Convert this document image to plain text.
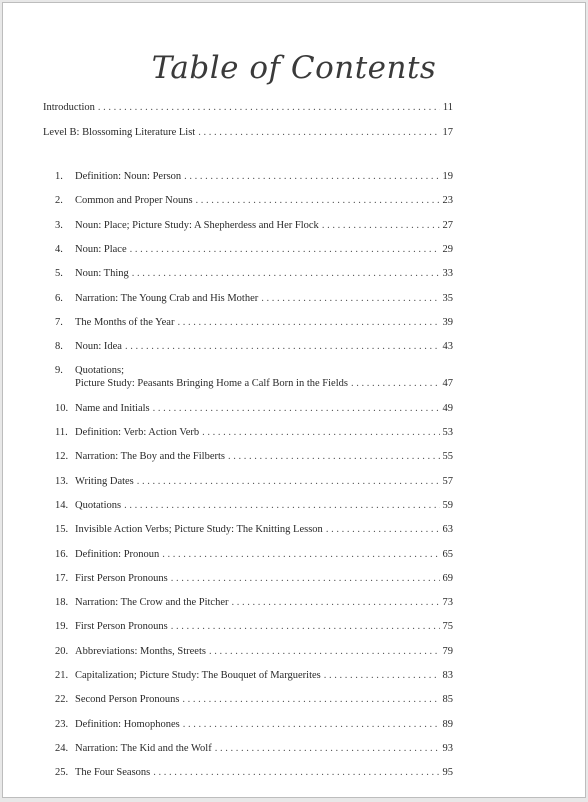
Table of Contents
Introduction . . .	11
Level B: Blossoming Literature List . . .	17
1.	Definition: Noun: Person . . .	19
2.	Common and Proper Nouns . . .	23
3.	Noun: Place; Picture Study: A Shepherdess and Her Flock . . .	27
4.	Noun: Place . . .	29
5.	Noun: Thing . . .	33
6.	Narration: The Young Crab and His Mother . . .	35
7.	The Months of the Year . . .	39
8.	Noun: Idea . . .	43
9.	Quotations;
Picture Study: Peasants Bringing Home a Calf Born in the Fields . . .	47
10. Name and Initials . . .	49
11. Definition: Verb: Action Verb . . .	53
12. Narration: The Boy and the Filberts . . .	55
13. Writing Dates . . .	57
14. Quotations . . .	59
15. Invisible Action Verbs; Picture Study: The Knitting Lesson . . .	63
16. Definition: Pronoun . . .	65
17. First Person Pronouns . . .	69
18. Narration: The Crow and the Pitcher . . .	73
19. First Person Pronouns . . .	75
20. Abbreviations: Months, Streets . . .	79
21. Capitalization; Picture Study: The Bouquet of Marguerites . . .	83
22. Second Person Pronouns . . .	85
23. Definition: Homophones . . .	89
24. Narration: The Kid and the Wolf . . .	93
25. The Four Seasons . . .	95
